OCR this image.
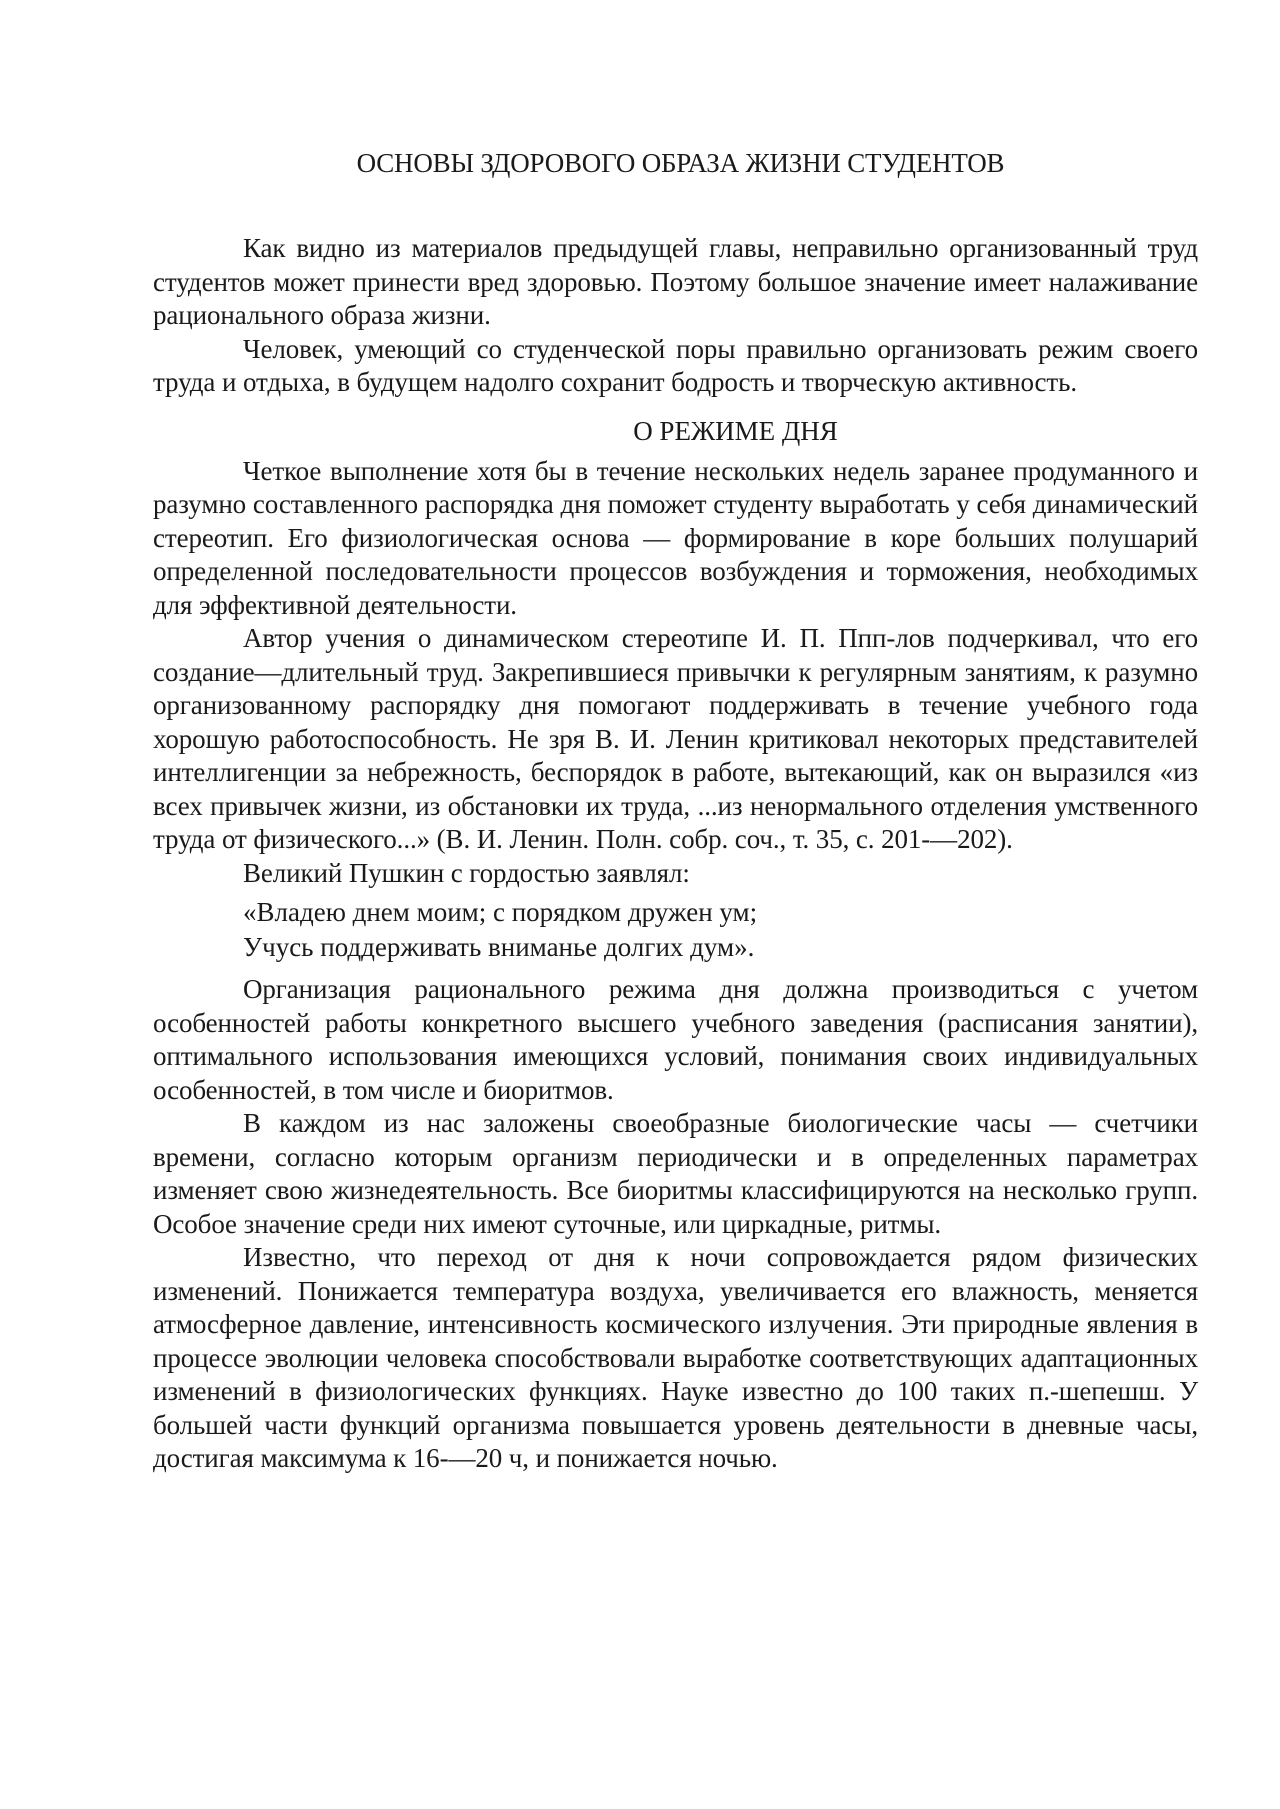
ОСНОВЫ ЗДОРОВОГО ОБРАЗА ЖИЗНИ СТУДЕНТОВ

Как видно из материалов предыдущей главы, неправильно организованный труд студентов может принести вред здоровью. Поэтому большое значение имеет налаживание рационального образа жизни.

Человек, умеющий со студенческой поры правильно организовать режим своего труда и отдыха, в будущем надолго сохранит бодрость и творческую активность.

О РЕЖИМЕ ДНЯ

Четкое выполнение хотя бы в течение нескольких недель заранее продуманного и разумно составленного распорядка дня поможет студенту выработать у себя динамический стереотип. Его физиологическая основа — формирование в коре больших полушарий определенной последовательности процессов возбуждения и торможения, необходимых для эффективной деятельности.

Автор учения о динамическом стереотипе И. П. Ппп-лов подчеркивал, что его создание—длительный труд. Закрепившиеся привычки к регулярным занятиям, к разумно организованному распорядку дня помогают поддерживать в течение учебного года хорошую работоспособность. Не зря В. И. Ленин критиковал некоторых представителей интеллигенции за небрежность, беспорядок в работе, вытекающий, как он выразился «из всех привычек жизни, из обстановки их труда, ...из ненормального отделения умственного труда от физического...» (В. И. Ленин. Полн. собр. соч., т. 35, с. 201-—202).

Великий Пушкин с гордостью заявлял:

«Владею днем моим; с порядком дружен ум;
Учусь поддерживать вниманье долгих дум».

Организация рационального режима дня должна производиться с учетом особенностей работы конкретного высшего учебного заведения (расписания занятии), оптимального использования имеющихся условий, понимания своих индивидуальных особенностей, в том числе и биоритмов.

В каждом из нас заложены своеобразные биологические часы — счетчики времени, согласно которым организм периодически и в определенных параметрах изменяет свою жизнедеятельность. Все биоритмы классифицируются на несколько групп. Особое значение среди них имеют суточные, или циркадные, ритмы.

Известно, что переход от дня к ночи сопровождается рядом физических изменений. Понижается температура воздуха, увеличивается его влажность, меняется атмосферное давление, интенсивность космического излучения. Эти природные явления в процессе эволюции человека способствовали выработке соответствующих адаптационных изменений в физиологических функциях. Науке известно до 100 таких п.-шепешш. У большей части функций организма повышается уровень деятельности в дневные часы, достигая максимума к 16-—20 ч, и понижается ночью.
